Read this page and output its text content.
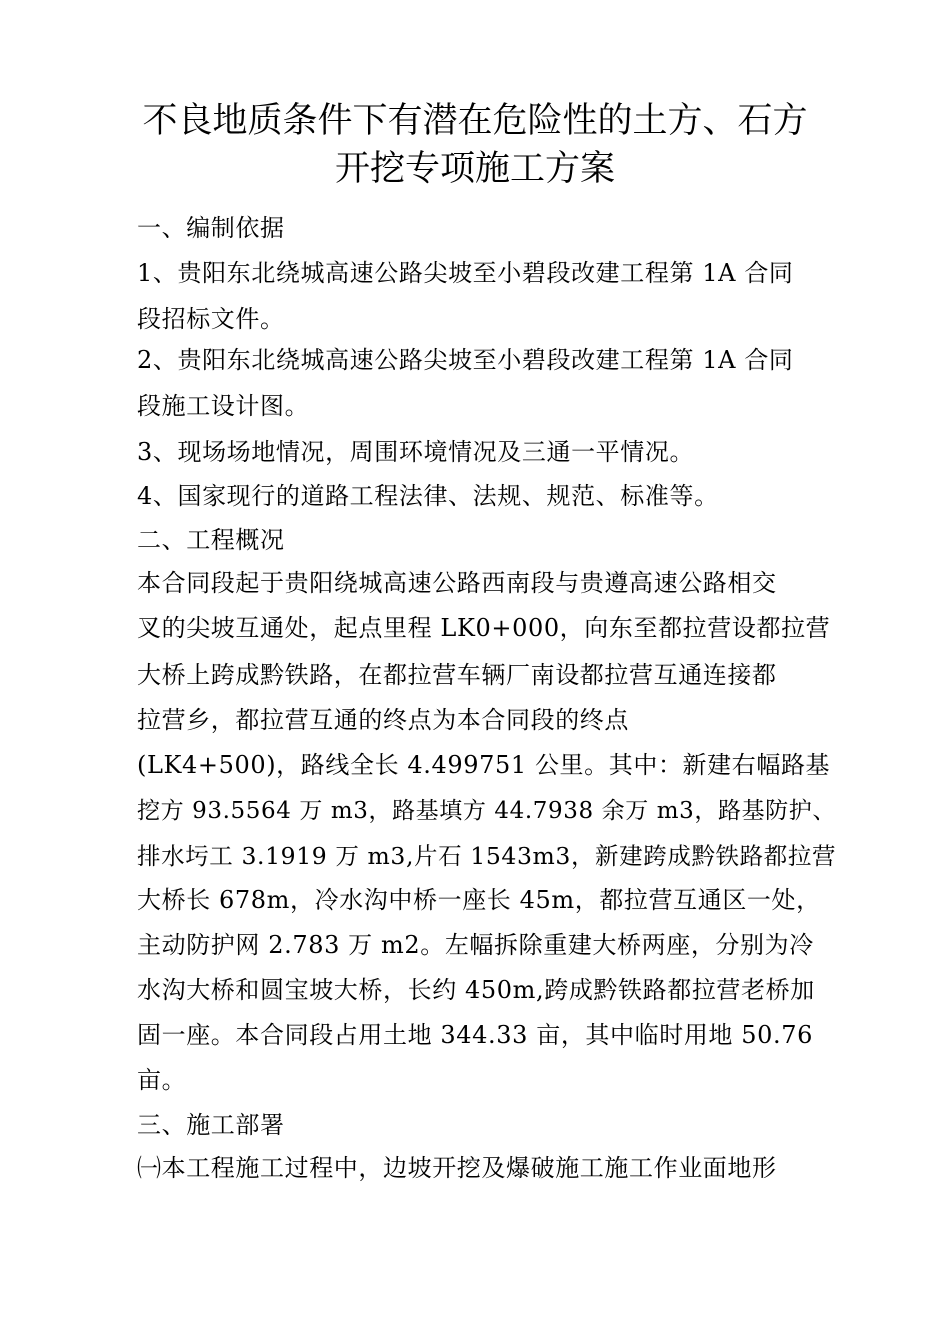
不良地质条件下有潜在危险性的土方、石方
开挖专项施工方案
一、编制依据
1、贵阳东北绕城高速公路尖坡至小碧段改建工程第 1A 合同
段招标文件。
2、贵阳东北绕城高速公路尖坡至小碧段改建工程第 1A 合同
段施工设计图。
3、现场场地情况，周围环境情况及三通一平情况。
4、国家现行的道路工程法律、法规、规范、标准等。
二、工程概况
本合同段起于贵阳绕城高速公路西南段与贵遵高速公路相交
叉的尖坡互通处，起点里程 LK0+000，向东至都拉营设都拉营
大桥上跨成黔铁路，在都拉营车辆厂南设都拉营互通连接都
拉营乡，都拉营互通的终点为本合同段的终点
(LK4+500)，路线全长 4.499751 公里。其中：新建右幅路基
挖方 93.5564 万 m3，路基填方 44.7938 余万 m3，路基防护、
排水圬工 3.1919 万 m3,片石 1543m3，新建跨成黔铁路都拉营
大桥长 678m，冷水沟中桥一座长 45m，都拉营互通区一处，
主动防护网 2.783 万 m2。左幅拆除重建大桥两座，分别为冷
水沟大桥和圆宝坡大桥，长约 450m,跨成黔铁路都拉营老桥加
固一座。本合同段占用土地 344.33 亩，其中临时用地 50.76
亩。
三、施工部署
㈠本工程施工过程中，边坡开挖及爆破施工施工作业面地形
